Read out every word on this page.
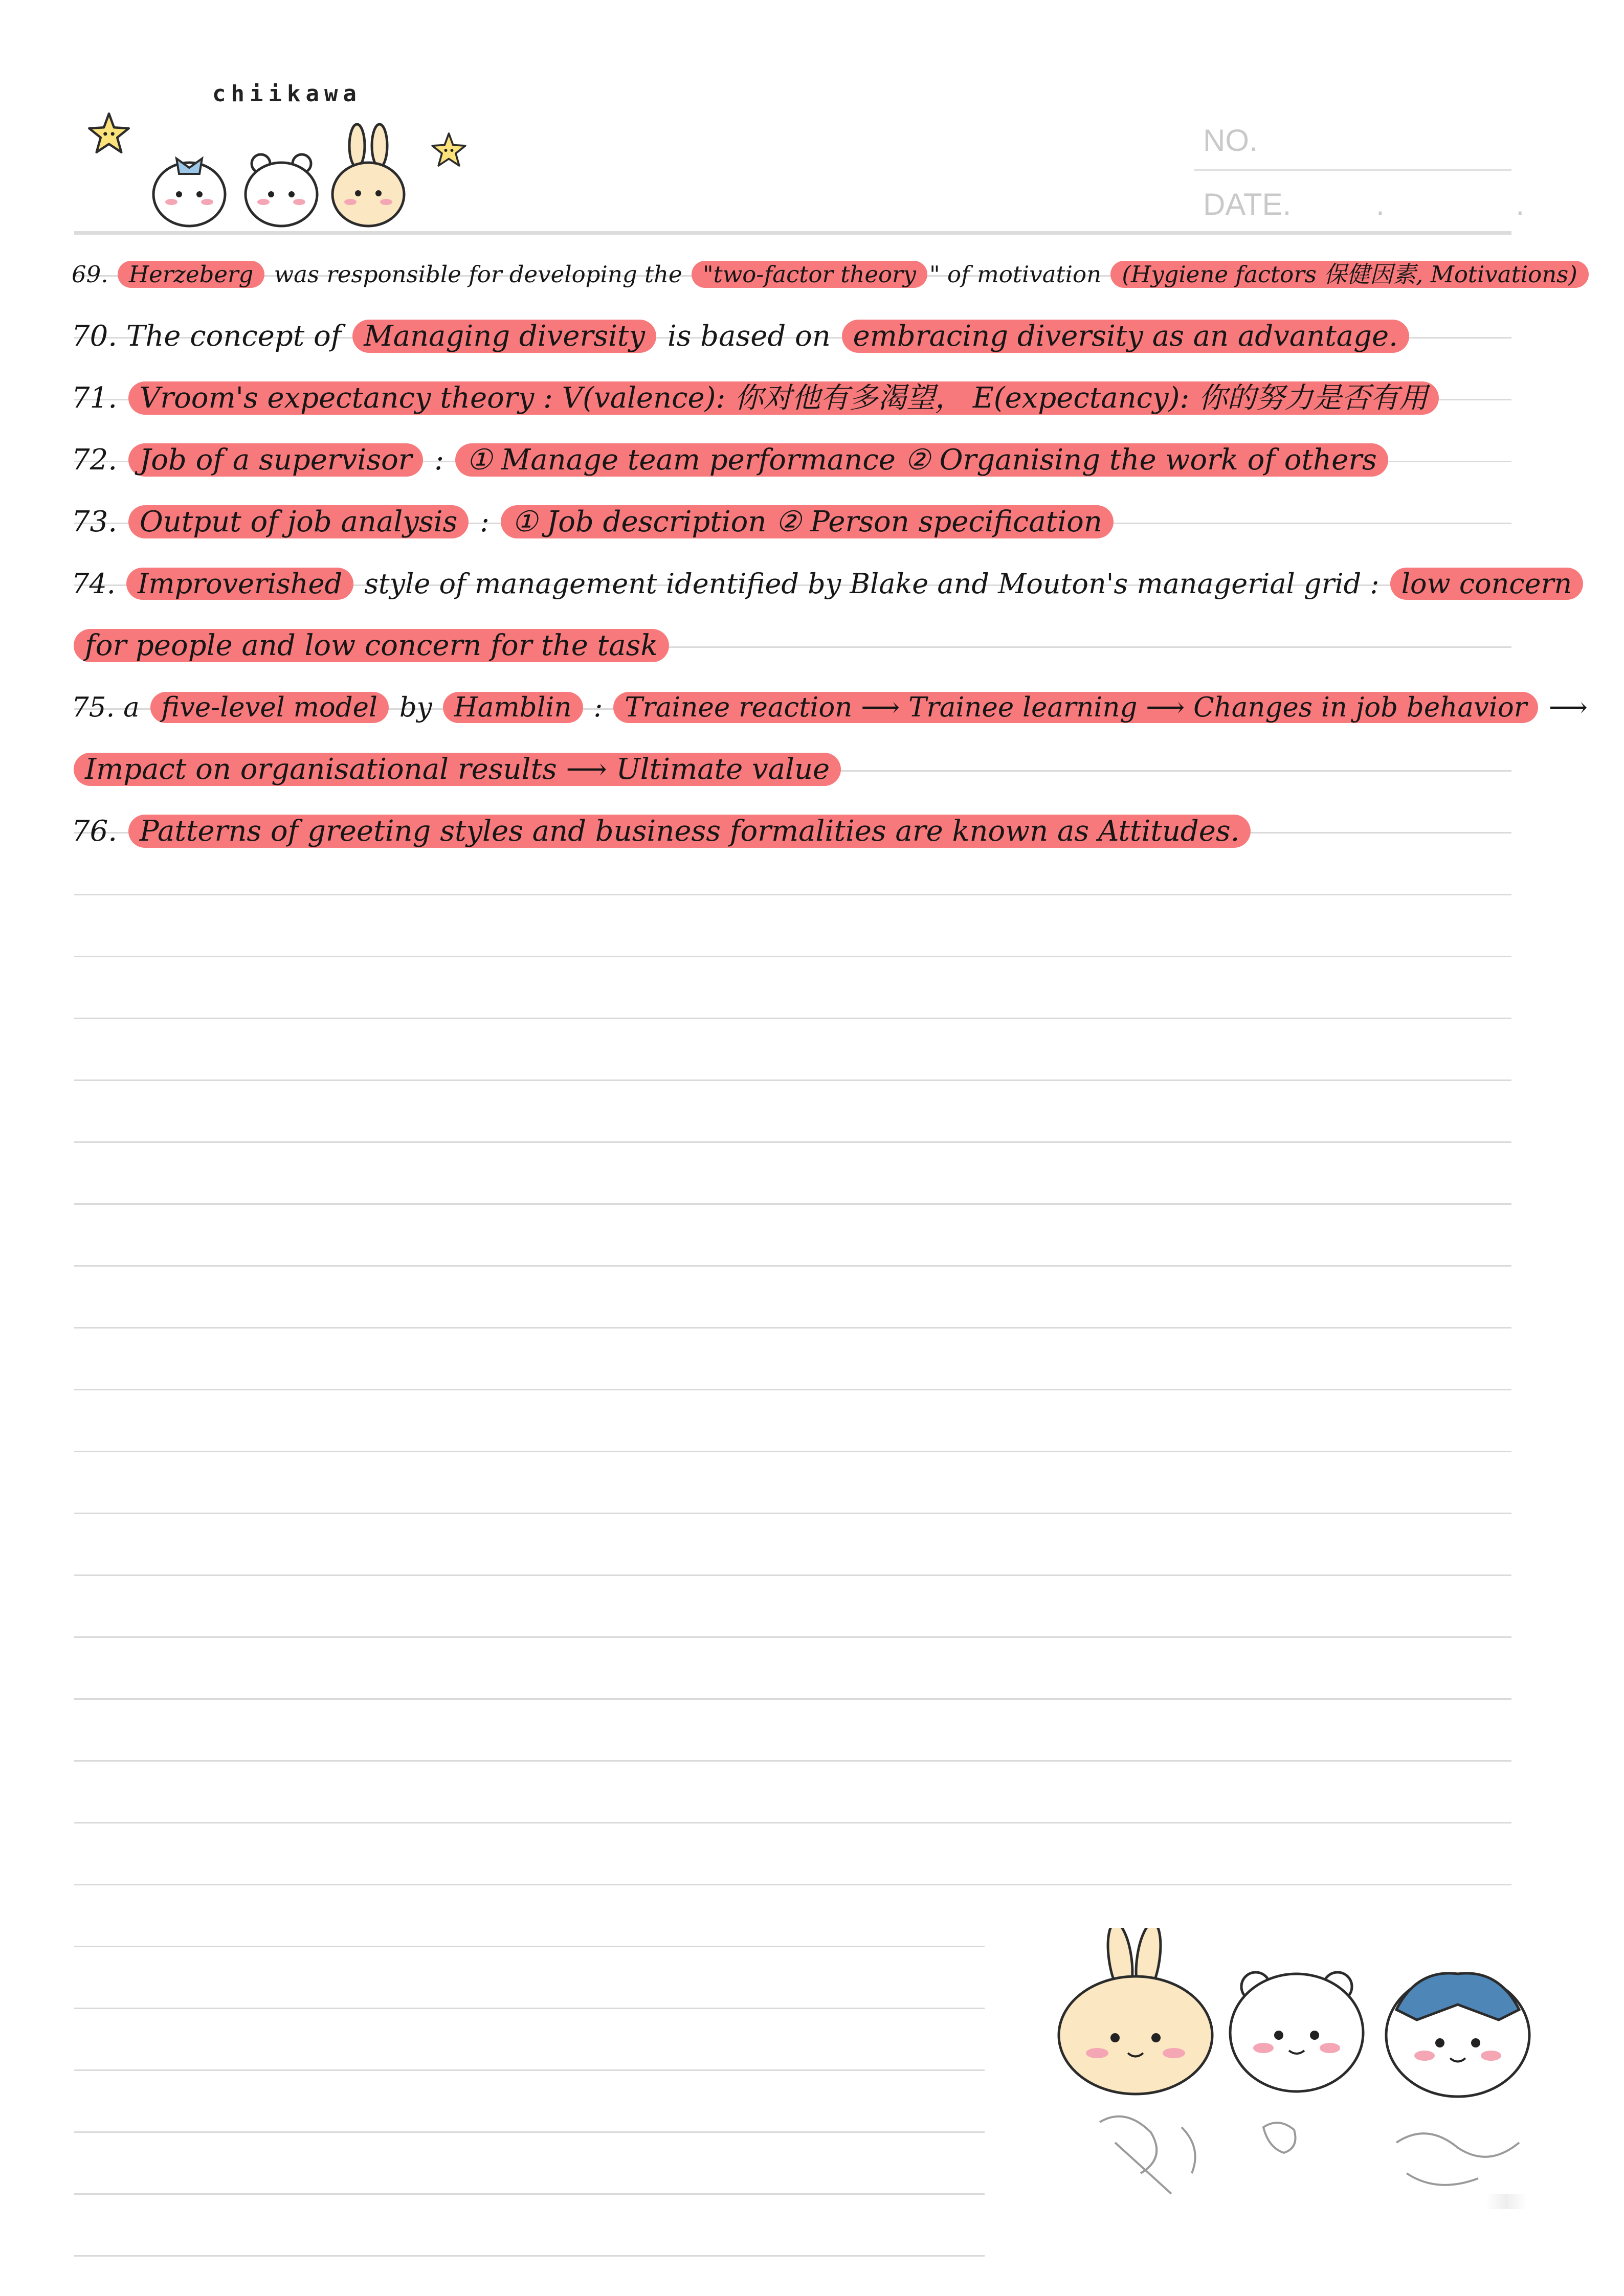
chiikawa
NO.
DATE.	. .
69. Herzeberg was responsible for developing the "two-factor theory " of motivation (Hygiene factors 保健因素, Motivations)
70. The concept of Managing diversity is based on embracing diversity as an advantage.
71. Vroom's expectancy theory : V(valence): 你对他有多渴望， E(expectancy): 你的努力是否有用
72. Job of a supervisor : ① Manage team performance ② Organising the work of others
73. Output of job analysis : ① Job description ② Person specification
74. Improverished style of management identified by Blake and Mouton's managerial grid : low concern
for people and low concern for the task
75. a five-level model by Hamblin : Trainee reaction ⟶ Trainee learning ⟶ Changes in job behavior ⟶
Impact on organisational results ⟶ Ultimate value
76. Patterns of greeting styles and business formalities are known as Attitudes.
